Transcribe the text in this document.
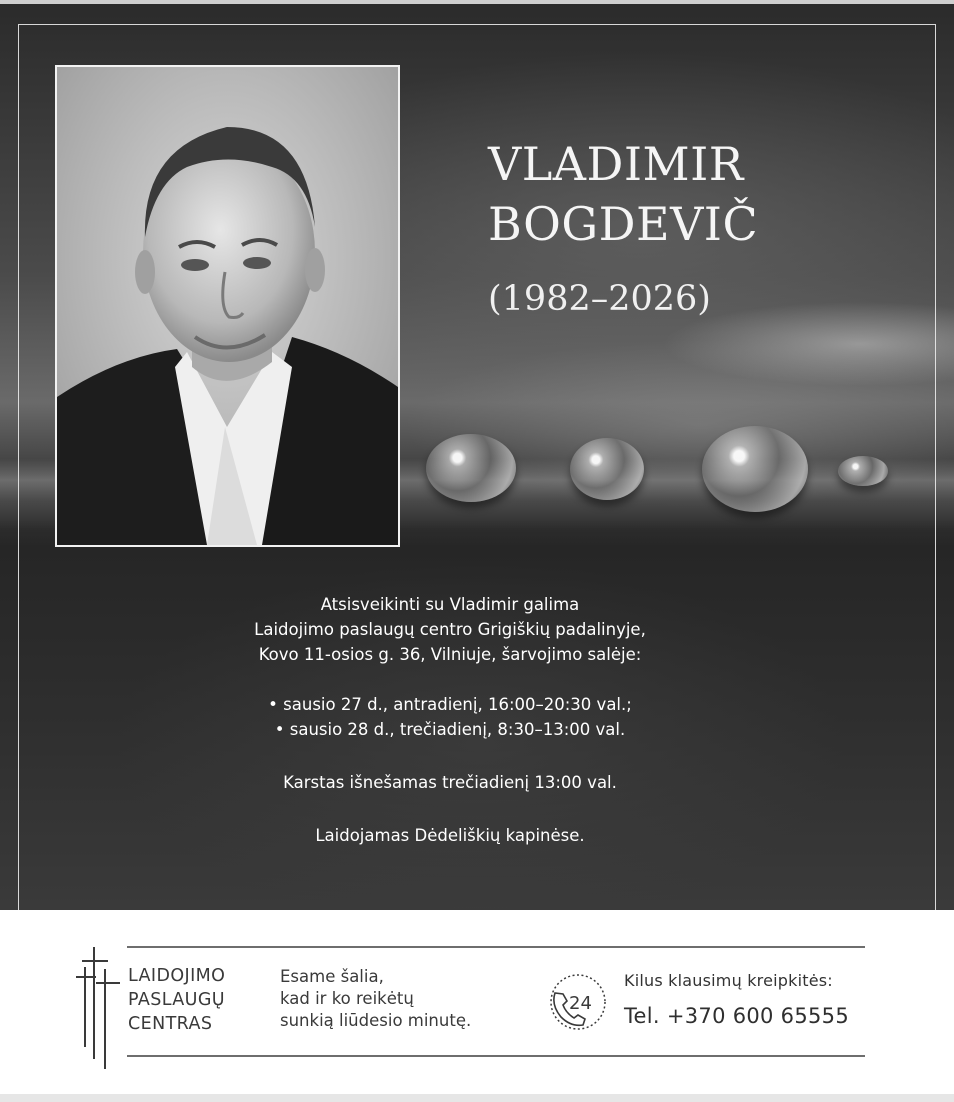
VLADIMIR
BOGDEVIČ
(1982–2026)

Atsisveikinti su Vladimir galima

Laidojimo paslaugų centro Grigiškių padalinyje,

Kovo 11-osios g. 36, Vilniuje, šarvojimo salėje:

• sausio 27 d., antradienį, 16:00–20:30 val.;

• sausio 28 d., trečiadienį, 8:30–13:00 val.

Karstas išnešamas trečiadienį 13:00 val.

Laidojamas Dėdeliškių kapinėse.

LAIDOJIMO
PASLAUGŲ
CENTRAS
Esame šalia,
kad ir ko reikėtų
sunkią liūdesio minutę.
24
Kilus klausimų kreipkitės:
Tel. +370 600 65555
